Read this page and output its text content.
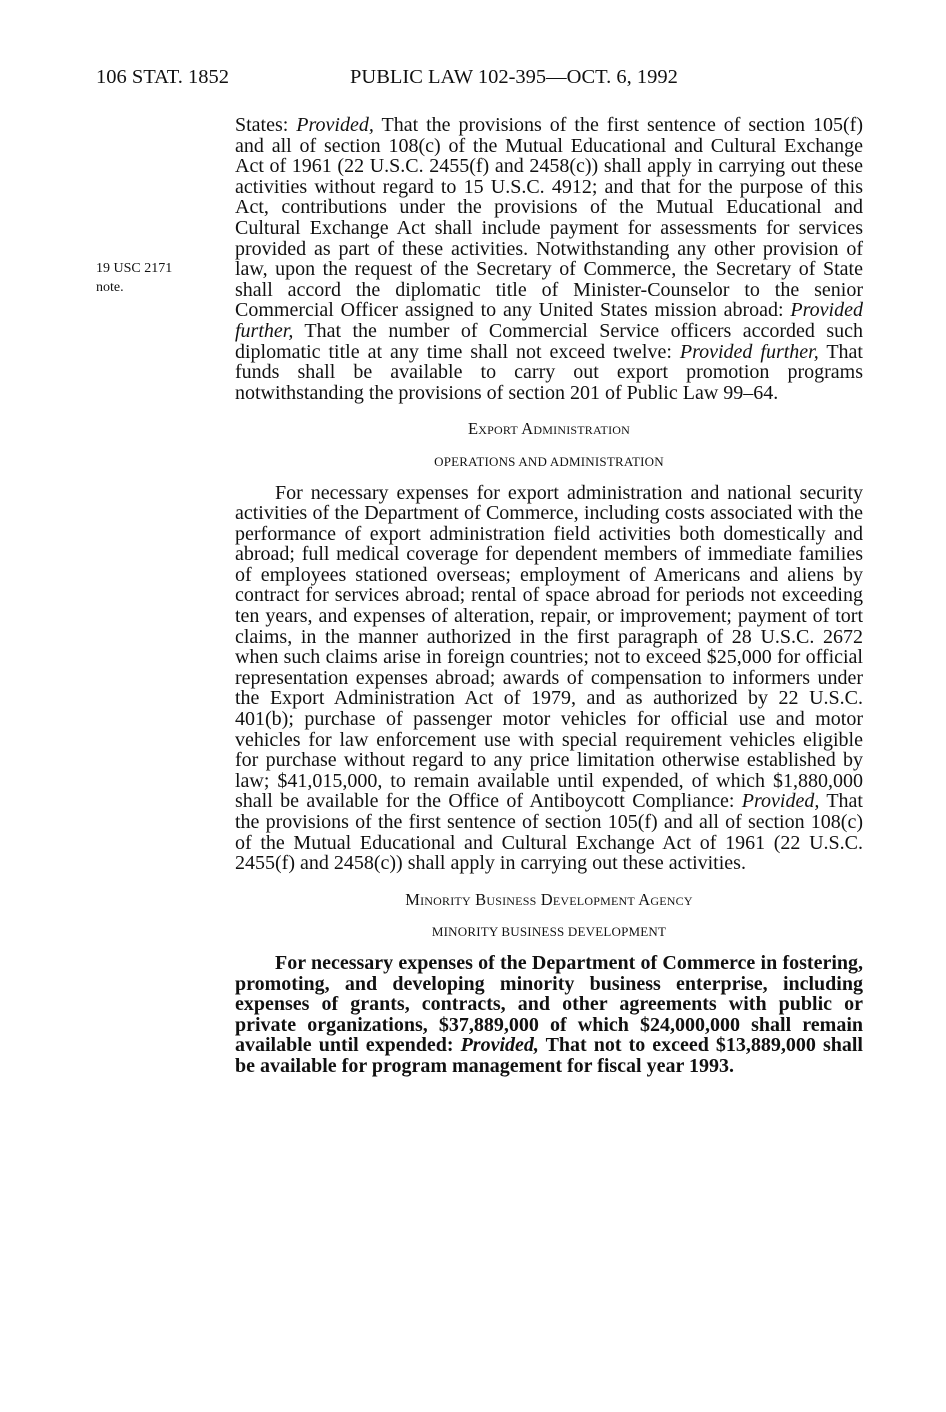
106 STAT. 1852	PUBLIC LAW 102-395—OCT. 6, 1992
19 USC 2171
note.

States: Provided, That the provisions of the first sentence of section 105(f) and all of section 108(c) of the Mutual Educational and Cultural Exchange Act of 1961 (22 U.S.C. 2455(f) and 2458(c)) shall apply in carrying out these activities without regard to 15 U.S.C. 4912; and that for the purpose of this Act, contributions under the provisions of the Mutual Educational and Cultural Exchange Act shall include payment for assessments for services provided as part of these activities. Notwithstanding any other provision of law, upon the request of the Secretary of Commerce, the Secretary of State shall accord the diplomatic title of Minister-Counselor to the senior Commercial Officer assigned to any United States mission abroad: Provided further, That the number of Commercial Service officers accorded such diplomatic title at any time shall not exceed twelve: Provided further, That funds shall be available to carry out export promotion programs notwithstanding the provisions of section 201 of Public Law 99–64.

Export Administration

OPERATIONS AND ADMINISTRATION

For necessary expenses for export administration and national security activities of the Department of Commerce, including costs associated with the performance of export administration field activities both domestically and abroad; full medical coverage for dependent members of immediate families of employees stationed overseas; employment of Americans and aliens by contract for services abroad; rental of space abroad for periods not exceeding ten years, and expenses of alteration, repair, or improvement; payment of tort claims, in the manner authorized in the first paragraph of 28 U.S.C. 2672 when such claims arise in foreign countries; not to exceed $25,000 for official representation expenses abroad; awards of compensation to informers under the Export Administration Act of 1979, and as authorized by 22 U.S.C. 401(b); purchase of passenger motor vehicles for official use and motor vehicles for law enforcement use with special requirement vehicles eligible for purchase without regard to any price limitation otherwise established by law; $41,015,000, to remain available until expended, of which $1,880,000 shall be available for the Office of Antiboycott Compliance: Provided, That the provisions of the first sentence of section 105(f) and all of section 108(c) of the Mutual Educational and Cultural Exchange Act of 1961 (22 U.S.C. 2455(f) and 2458(c)) shall apply in carrying out these activities.

Minority Business Development Agency

MINORITY BUSINESS DEVELOPMENT

For necessary expenses of the Department of Commerce in fostering, promoting, and developing minority business enterprise, including expenses of grants, contracts, and other agreements with public or private organizations, $37,889,000 of which $24,000,000 shall remain available until expended: Provided, That not to exceed $13,889,000 shall be available for program management for fiscal year 1993.
